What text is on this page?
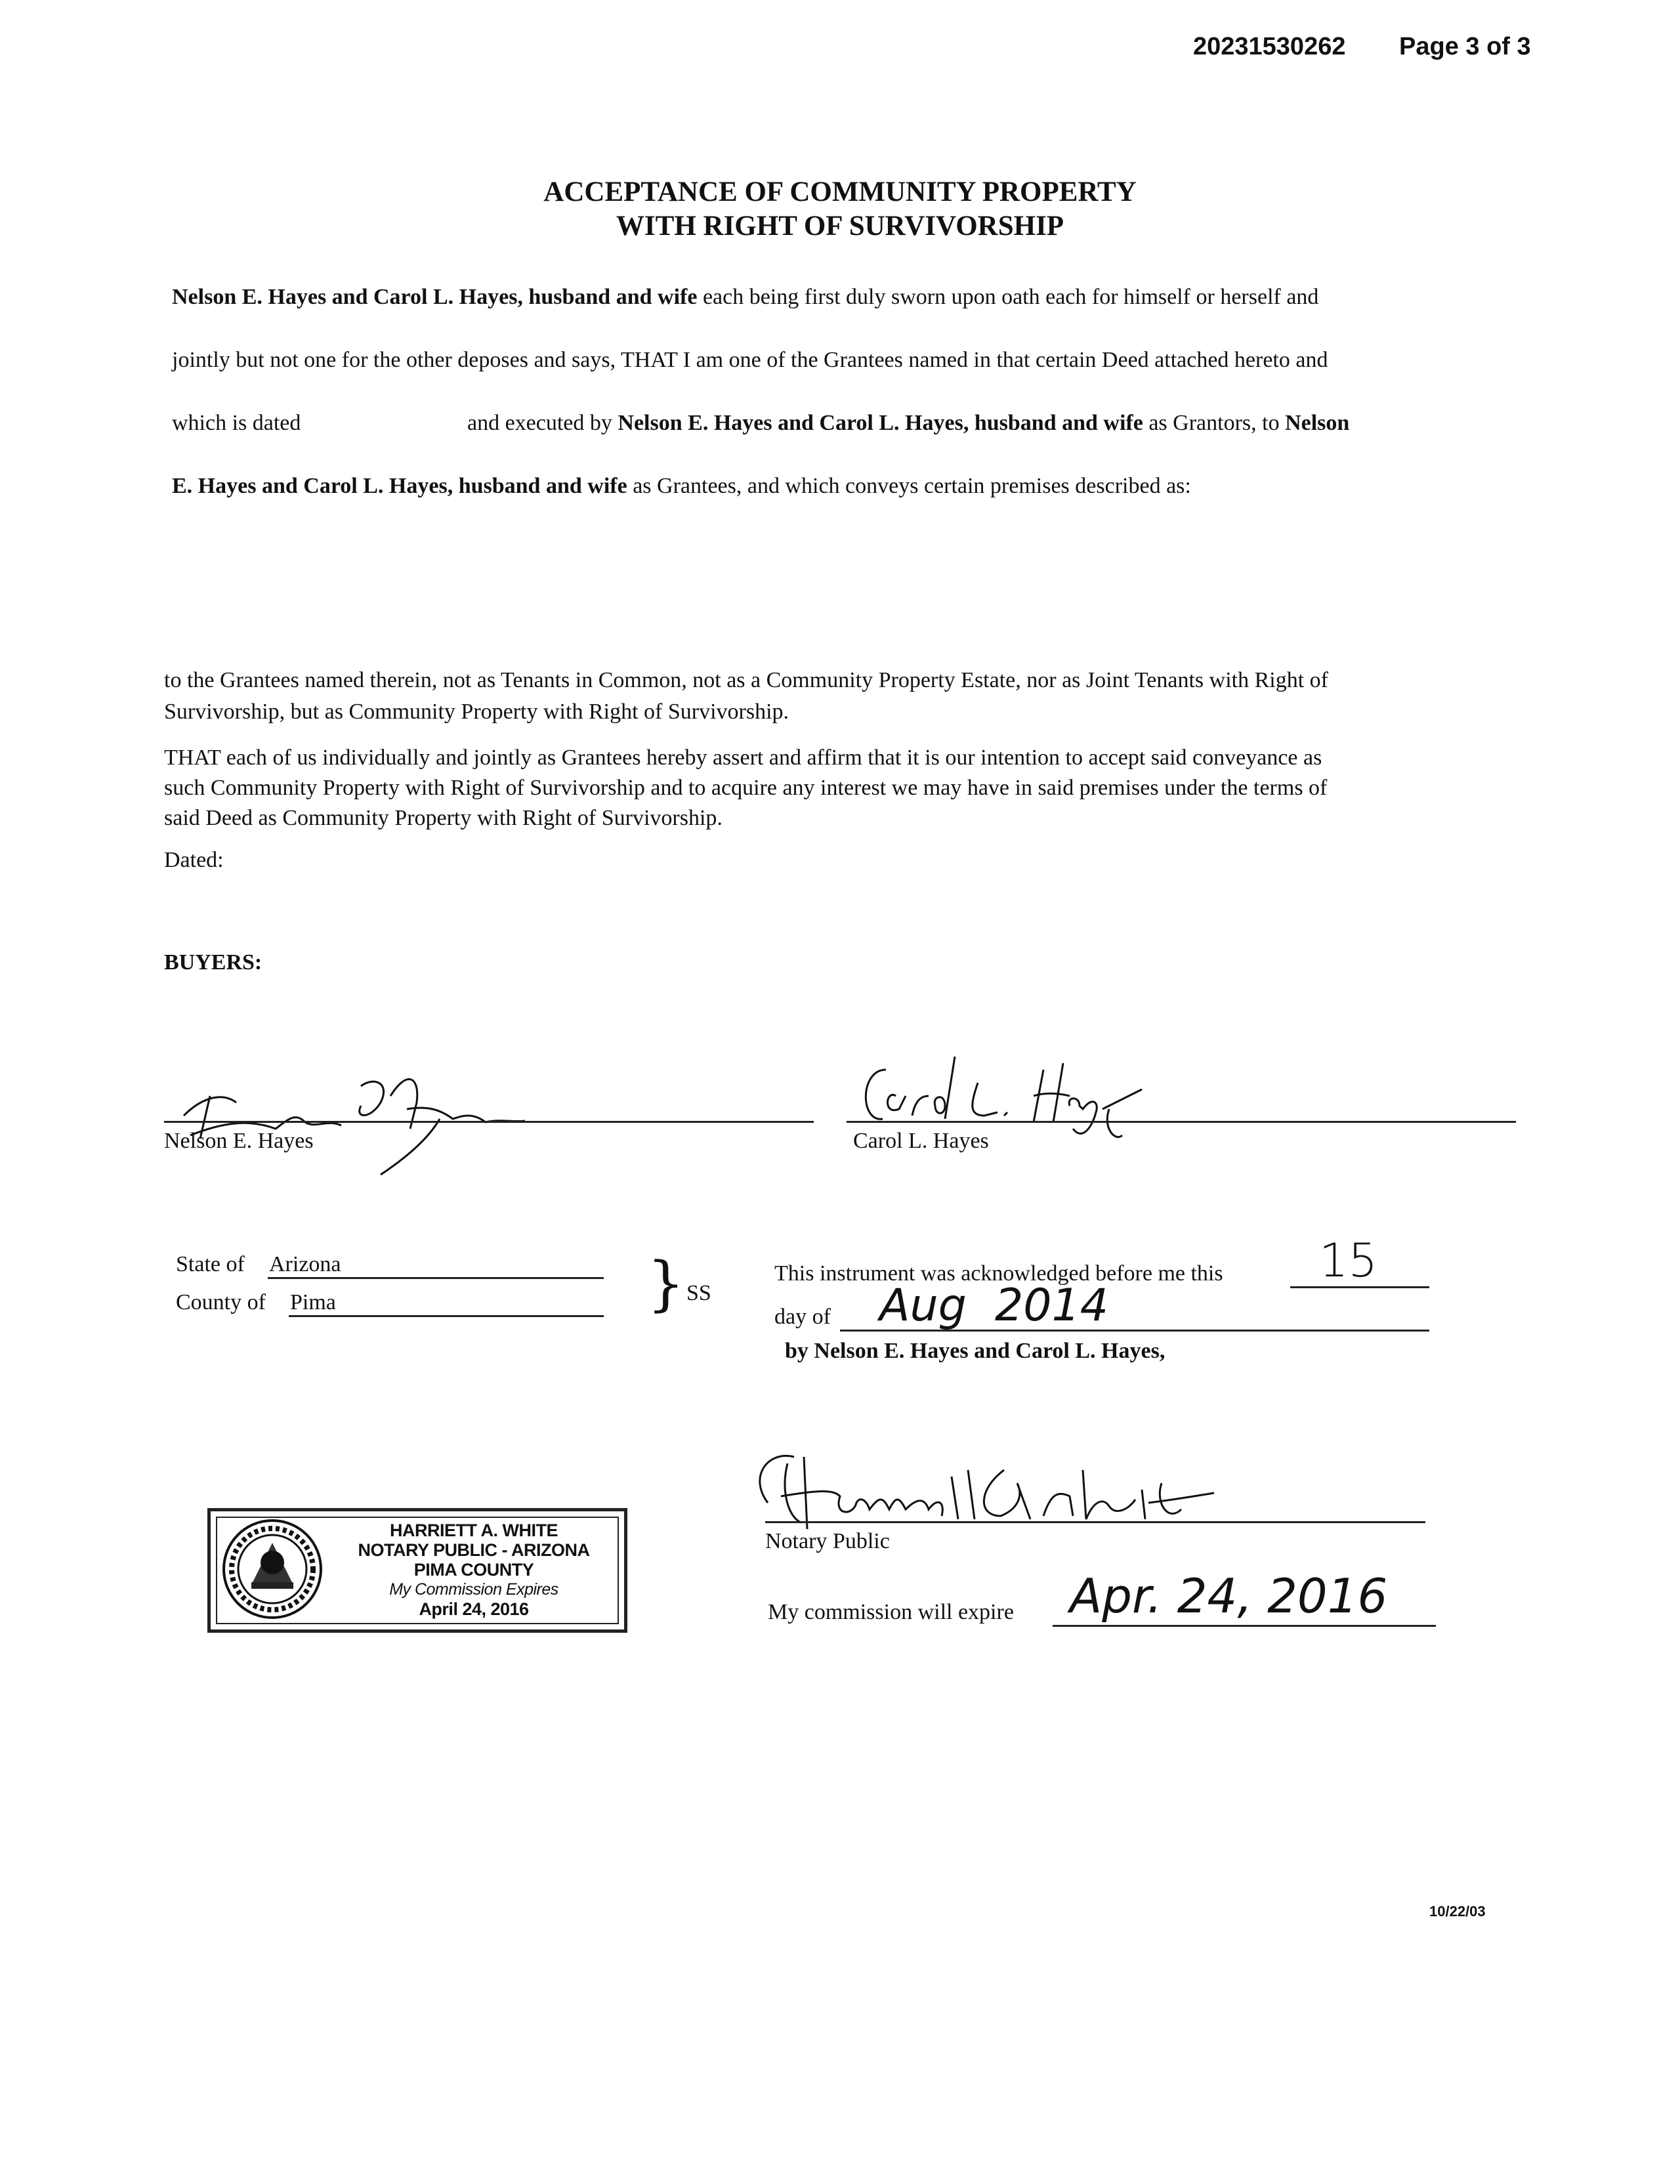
20231530262 Page 3 of 3
ACCEPTANCE OF COMMUNITY PROPERTY
WITH RIGHT OF SURVIVORSHIP
Nelson E. Hayes and Carol L. Hayes, husband and wife each being first duly sworn upon oath each for himself or herself and
jointly but not one for the other deposes and says, THAT I am one of the Grantees named in that certain Deed attached hereto and
which is dated	and executed by Nelson E. Hayes and Carol L. Hayes, husband and wife as Grantors, to Nelson
E. Hayes and Carol L. Hayes, husband and wife as Grantees, and which conveys certain premises described as:
to the Grantees named therein, not as Tenants in Common, not as a Community Property Estate, nor as Joint Tenants with Right of
Survivorship, but as Community Property with Right of Survivorship.
THAT each of us individually and jointly as Grantees hereby assert and affirm that it is our intention to accept said conveyance as
such Community Property with Right of Survivorship and to acquire any interest we may have in said premises under the terms of
said Deed as Community Property with Right of Survivorship.
Dated:
BUYERS:
Nelson E. Hayes	Carol L. Hayes
State of Arizona
County of Pima	} SS
This instrument was acknowledged before me this 15
day of Aug  2014
by Nelson E. Hayes and Carol L. Hayes,
Notary Public
My commission will expire Apr. 24, 2016
HARRIETT A. WHITE
NOTARY PUBLIC - ARIZONA
PIMA COUNTY
My Commission Expires
April 24, 2016
10/22/03
